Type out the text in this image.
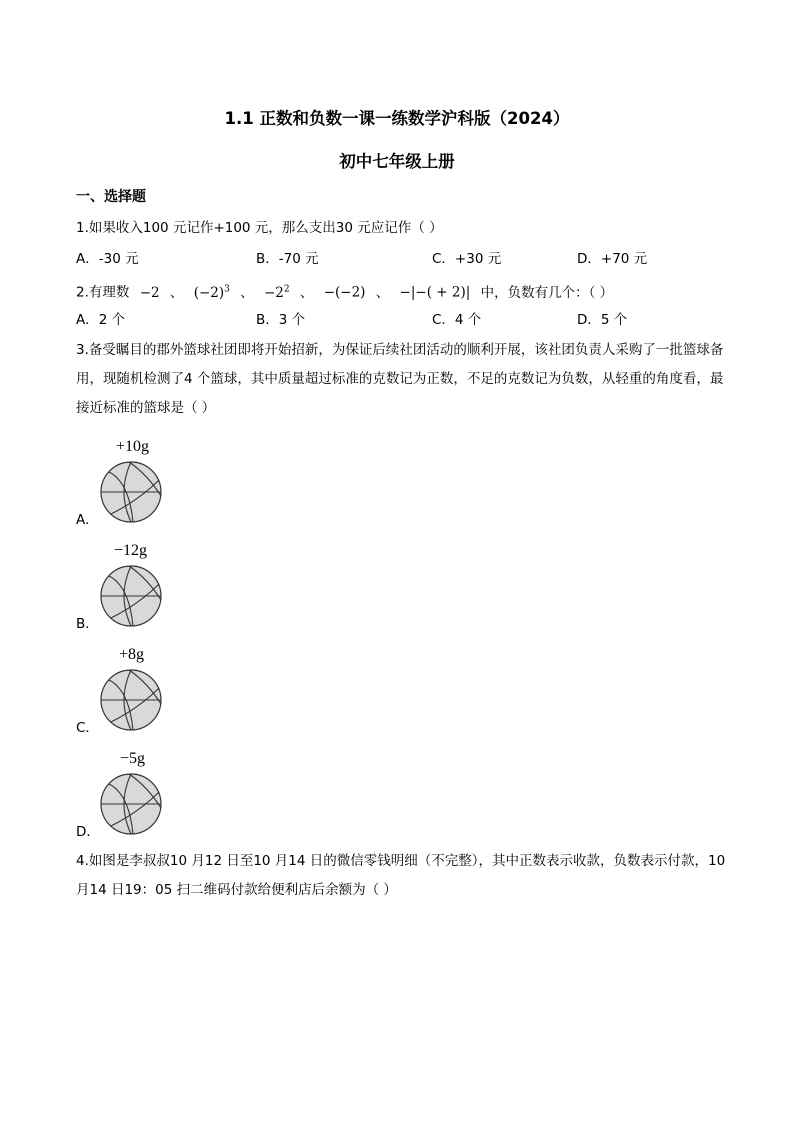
1.1 正数和负数一课一练数学沪科版（2024）
初中七年级上册
一、选择题
1.如果收入100 元记作+100 元，那么支出30 元应记作（ ）
A．-30 元	B．-70 元	C．+30 元	D．+70 元
2.有理数 −2 、 $(-2)^3$ 、 $-2^2$ 、 −(−2) 、 −|−( + 2)| 中，负数有几个：（ ）
A．2 个	B．3 个	C．4 个	D．5 个
3.备受瞩目的郡外篮球社团即将开始招新，为保证后续社团活动的顺利开展，该社团负责人采购了一批篮球备用，现随机检测了4 个篮球，其中质量超过标准的克数记为正数，不足的克数记为负数，从轻重的角度看，最接近标准的篮球是（ ）
+10g
A．
−12g
B．
+8g
C．
−5g
D．
4.如图是李叔叔10 月12 日至10 月14 日的微信零钱明细（不完整），其中正数表示收款，负数表示付款，10 月14 日19：05 扫二维码付款给便利店后余额为（ ）
